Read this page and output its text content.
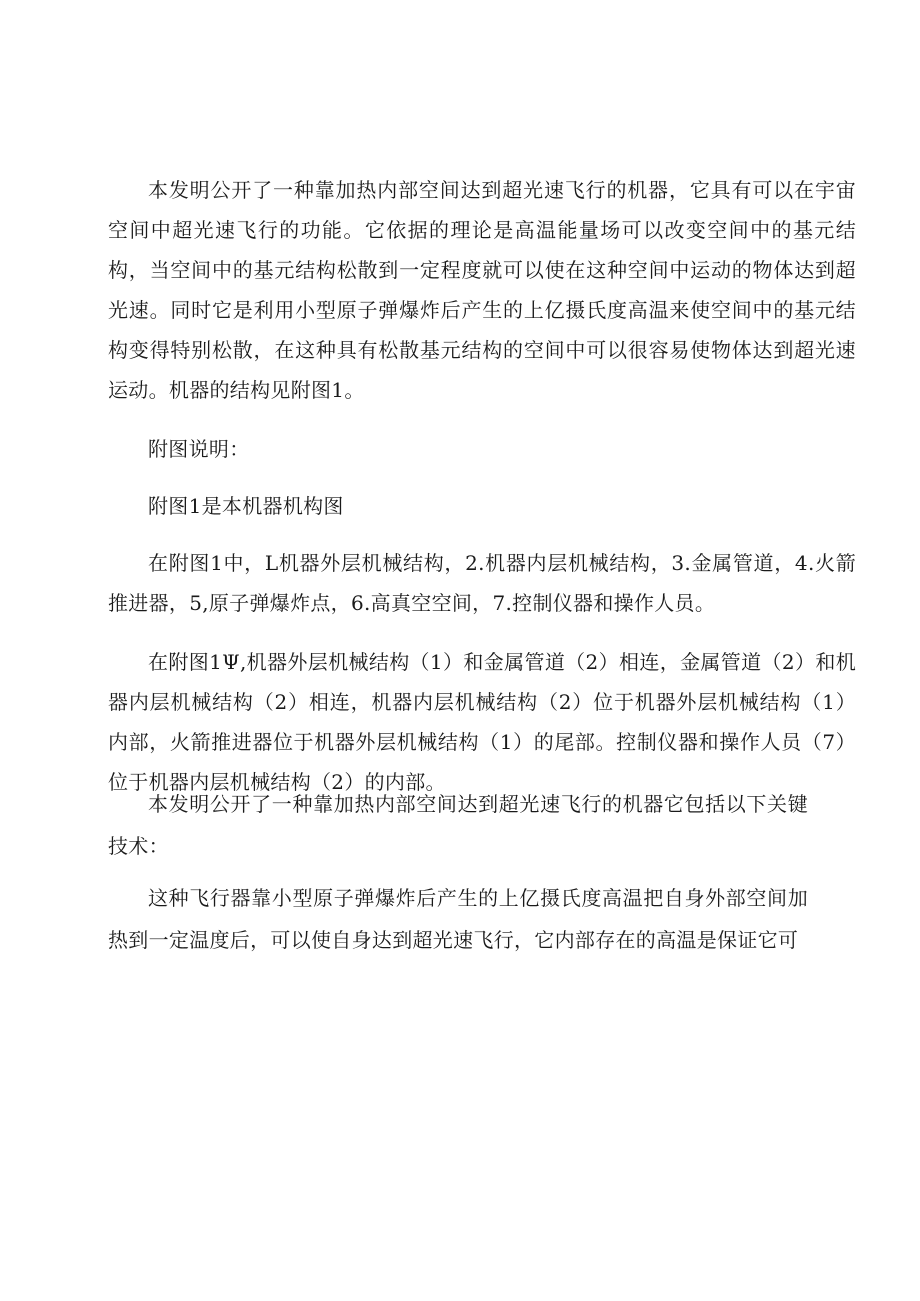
本发明公开了一种靠加热内部空间达到超光速飞行的机器，它具有可以在宇宙空间中超光速飞行的功能。它依据的理论是高温能量场可以改变空间中的基元结构，当空间中的基元结构松散到一定程度就可以使在这种空间中运动的物体达到超光速。同时它是利用小型原子弹爆炸后产生的上亿摄氏度高温来使空间中的基元结构变得特别松散，在这种具有松散基元结构的空间中可以很容易使物体达到超光速运动。机器的结构见附图1。

附图说明：

附图1是本机器机构图

在附图1中，L机器外层机械结构，2.机器内层机械结构，3.金属管道，4.火箭推进器，5,原子弹爆炸点，6.高真空空间，7.控制仪器和操作人员。

在附图1Ψ,机器外层机械结构（1）和金属管道（2）相连，金属管道（2）和机器内层机械结构（2）相连，机器内层机械结构（2）位于机器外层机械结构（1）内部，火箭推进器位于机器外层机械结构（1）的尾部。控制仪器和操作人员（7）位于机器内层机械结构（2）的内部。

本发明公开了一种靠加热内部空间达到超光速飞行的机器它包括以下关键技术：

这种飞行器靠小型原子弹爆炸后产生的上亿摄氏度高温把自身外部空间加热到一定温度后，可以使自身达到超光速飞行，它内部存在的高温是保证它可
